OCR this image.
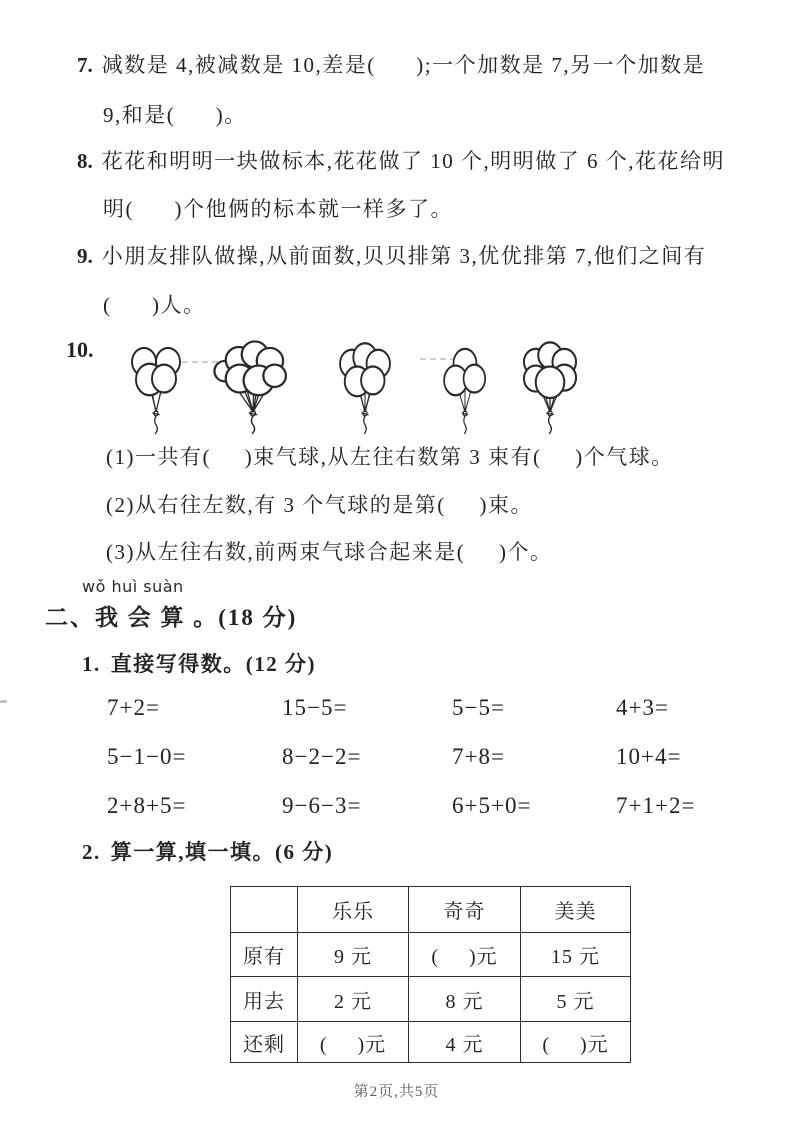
7. 减数是 4,被减数是 10,差是(      );一个加数是 7,另一个加数是
9,和是(      )。
8. 花花和明明一块做标本,花花做了 10 个,明明做了 6 个,花花给明
明(      )个他俩的标本就一样多了。
9. 小朋友排队做操,从前面数,贝贝排第 3,优优排第 7,他们之间有
(      )人。
10.
(1)一共有(     )束气球,从左往右数第 3 束有(     )个气球。
(2)从右往左数,有 3 个气球的是第(     )束。
(3)从左往右数,前两束气球合起来是(     )个。
wǒ huì suàn
二、我 会 算 。(18 分)
1. 直接写得数。(12 分)
7+2=	15−5=	5−5=	4+3=
5−1−0=	8−2−2=	7+8=	10+4=
2+8+5=	9−6−3=	6+5+0=	7+1+2=
2. 算一算,填一填。(6 分)
	乐乐	奇奇	美美
原有	9 元	(     )元	15 元
用去	2 元	8 元	5 元
还剩	(     )元	4 元	(     )元
第2页,共5页
